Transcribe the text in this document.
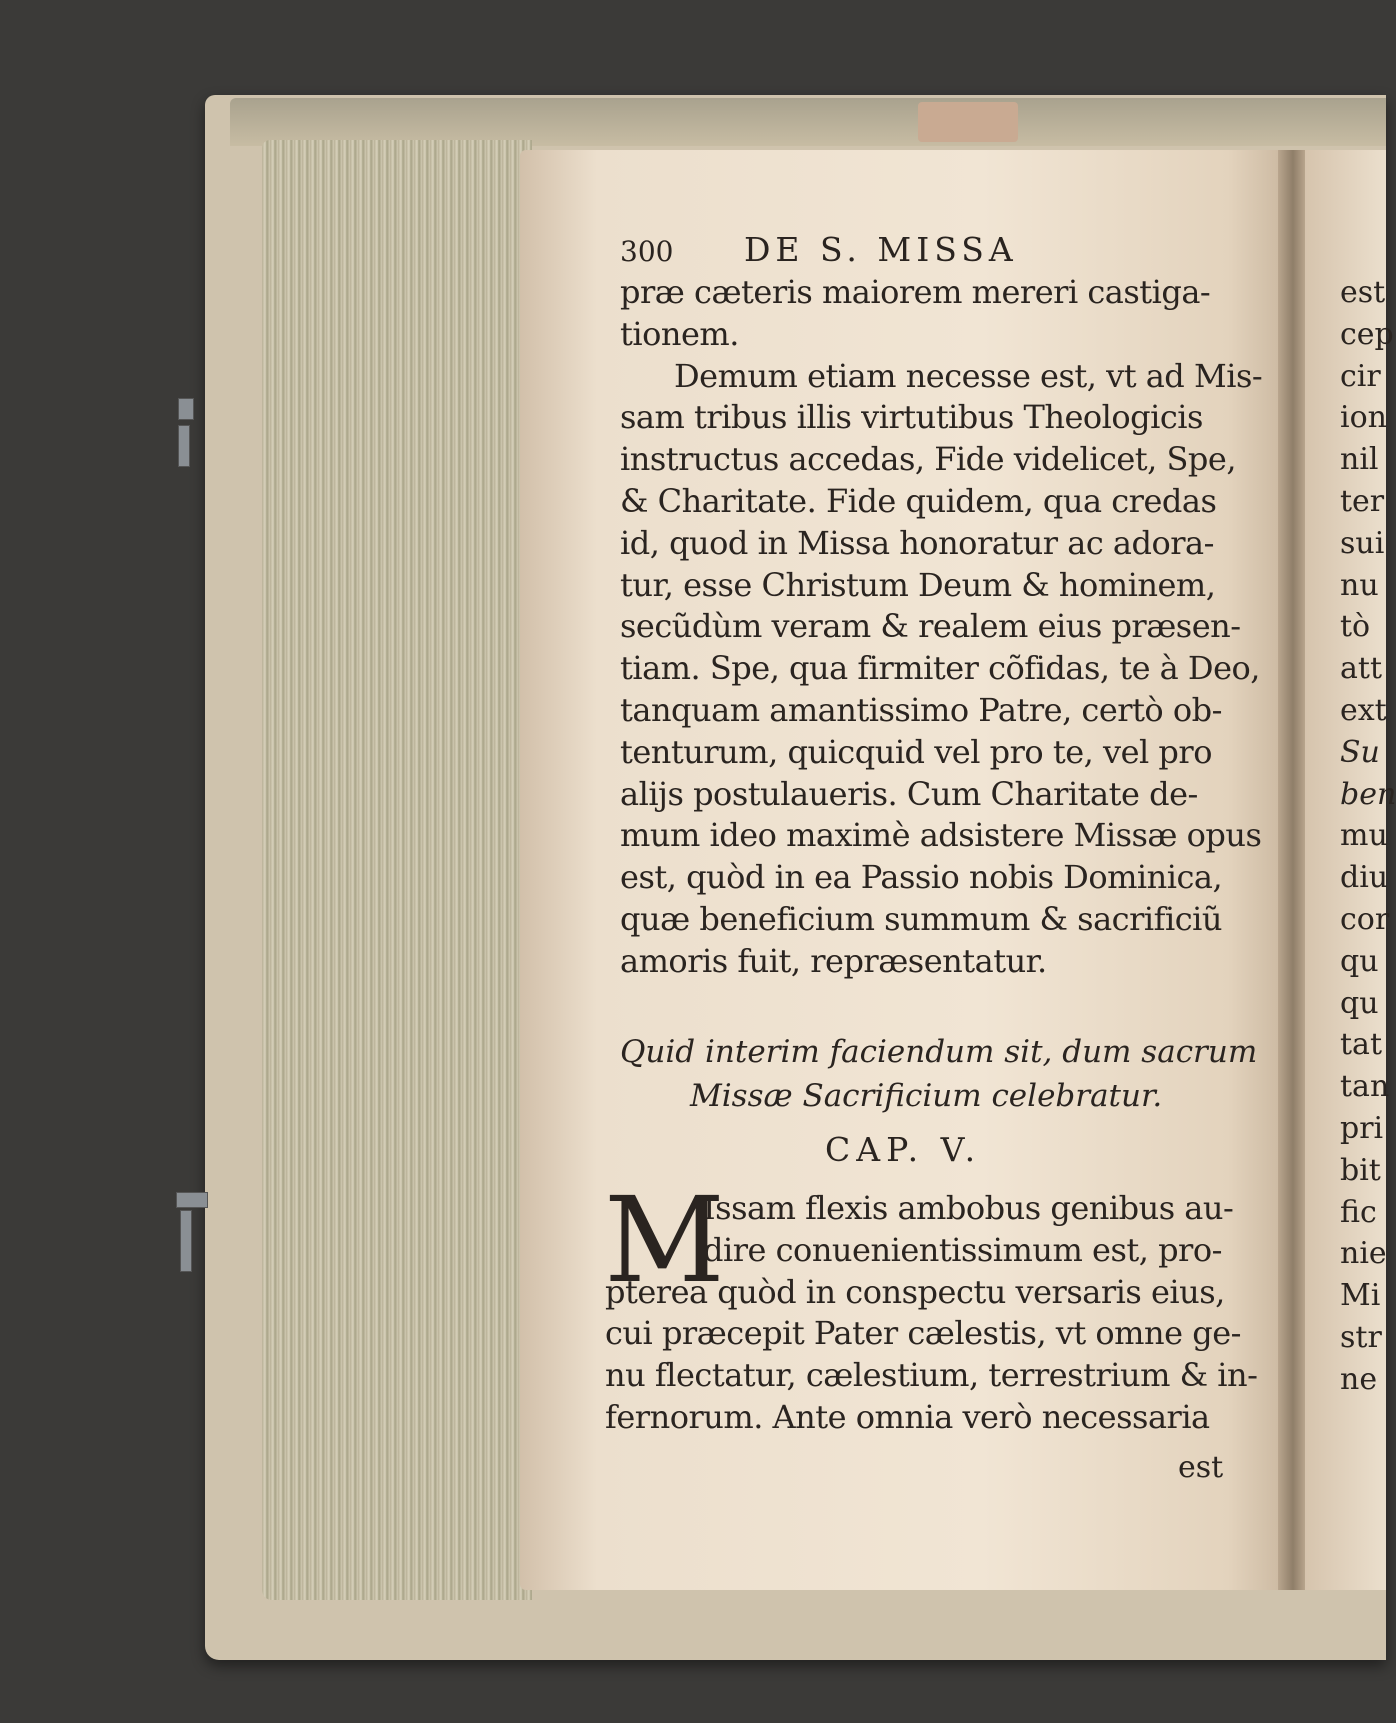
300 DE S. MISSA
præ cæteris maiorem mereri castiga-
tionem.
Demum etiam necesse est, vt ad Mis-
sam tribus illis virtutibus Theologicis
instructus accedas, Fide videlicet, Spe,
& Charitate. Fide quidem, qua credas
id, quod in Missa honoratur ac adora-
tur, esse Christum Deum & hominem,
secũdùm veram & realem eius præsen-
tiam. Spe, qua firmiter cõfidas, te à Deo,
tanquam amantissimo Patre, certò ob-
tenturum, quicquid vel pro te, vel pro
alijs postulaueris. Cum Charitate de-
mum ideo maximè adsistere Missæ opus
est, quòd in ea Passio nobis Dominica,
quæ beneficium summum & sacrificiũ
amoris fuit, repræsentatur.
Quid interim faciendum sit, dum sacrum
Missæ Sacrificium celebratur.
CAP. V.
M
Issam flexis ambobus genibus au-
dire conuenientissimum est, pro-
pterea quòd in conspectu versaris eius,
cui præcepit Pater cælestis, vt omne ge-
nu flectatur, cælestium, terrestrium & in-
fernorum. Ante omnia verò necessaria
est
est
cep
cir
ion
nil
ter
sui
nu
tò
att
ext
Su
ben
mu
diu
cor
qu
qu
tat
tan
pri
bit
fic
nie
Mi
str
ne
